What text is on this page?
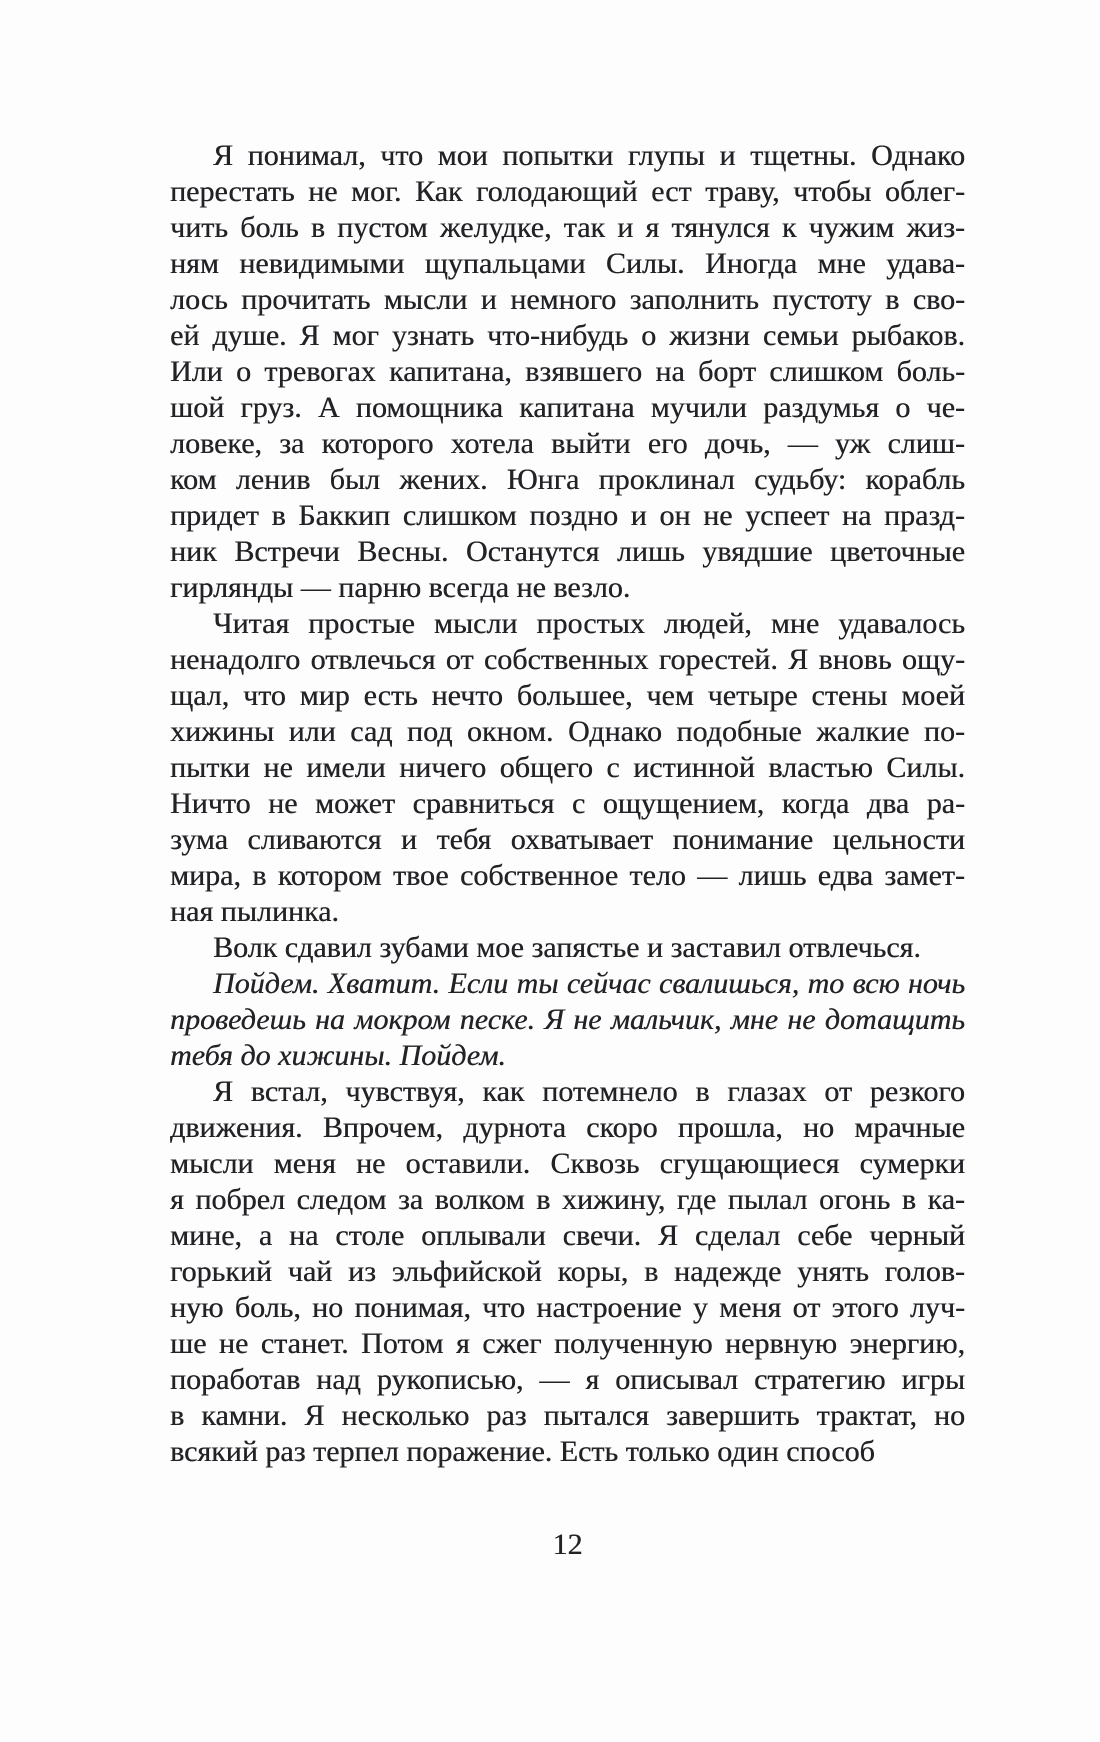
Я понимал, что мои попытки глупы и тщетны. Однако
перестать не мог. Как голодающий ест траву, чтобы облег-
чить боль в пустом желудке, так и я тянулся к чужим жиз-
ням невидимыми щупальцами Силы. Иногда мне удава-
лось прочитать мысли и немного заполнить пустоту в сво-
ей душе. Я мог узнать что-нибудь о жизни семьи рыбаков.
Или о тревогах капитана, взявшего на борт слишком боль-
шой груз. А помощника капитана мучили раздумья о че-
ловеке, за которого хотела выйти его дочь, — уж слиш-
ком ленив был жених. Юнга проклинал судьбу: корабль
придет в Баккип слишком поздно и он не успеет на празд-
ник Встречи Весны. Останутся лишь увядшие цветочные
гирлянды — парню всегда не везло.
Читая простые мысли простых людей, мне удавалось
ненадолго отвлечься от собственных горестей. Я вновь ощу-
щал, что мир есть нечто большее, чем четыре стены моей
хижины или сад под окном. Однако подобные жалкие по-
пытки не имели ничего общего с истинной властью Силы.
Ничто не может сравниться с ощущением, когда два ра-
зума сливаются и тебя охватывает понимание цельности
мира, в котором твое собственное тело — лишь едва замет-
ная пылинка.
Волк сдавил зубами мое запястье и заставил отвлечься.
Пойдем. Хватит. Если ты сейчас свалишься, то всю ночь
проведешь на мокром песке. Я не мальчик, мне не дотащить
тебя до хижины. Пойдем.
Я встал, чувствуя, как потемнело в глазах от резкого
движения. Впрочем, дурнота скоро прошла, но мрачные
мысли меня не оставили. Сквозь сгущающиеся сумерки
я побрел следом за волком в хижину, где пылал огонь в ка-
мине, а на столе оплывали свечи. Я сделал себе черный
горький чай из эльфийской коры, в надежде унять голов-
ную боль, но понимая, что настроение у меня от этого луч-
ше не станет. Потом я сжег полученную нервную энергию,
поработав над рукописью, — я описывал стратегию игры
в камни. Я несколько раз пытался завершить трактат, но
всякий раз терпел поражение. Есть только один способ
12
